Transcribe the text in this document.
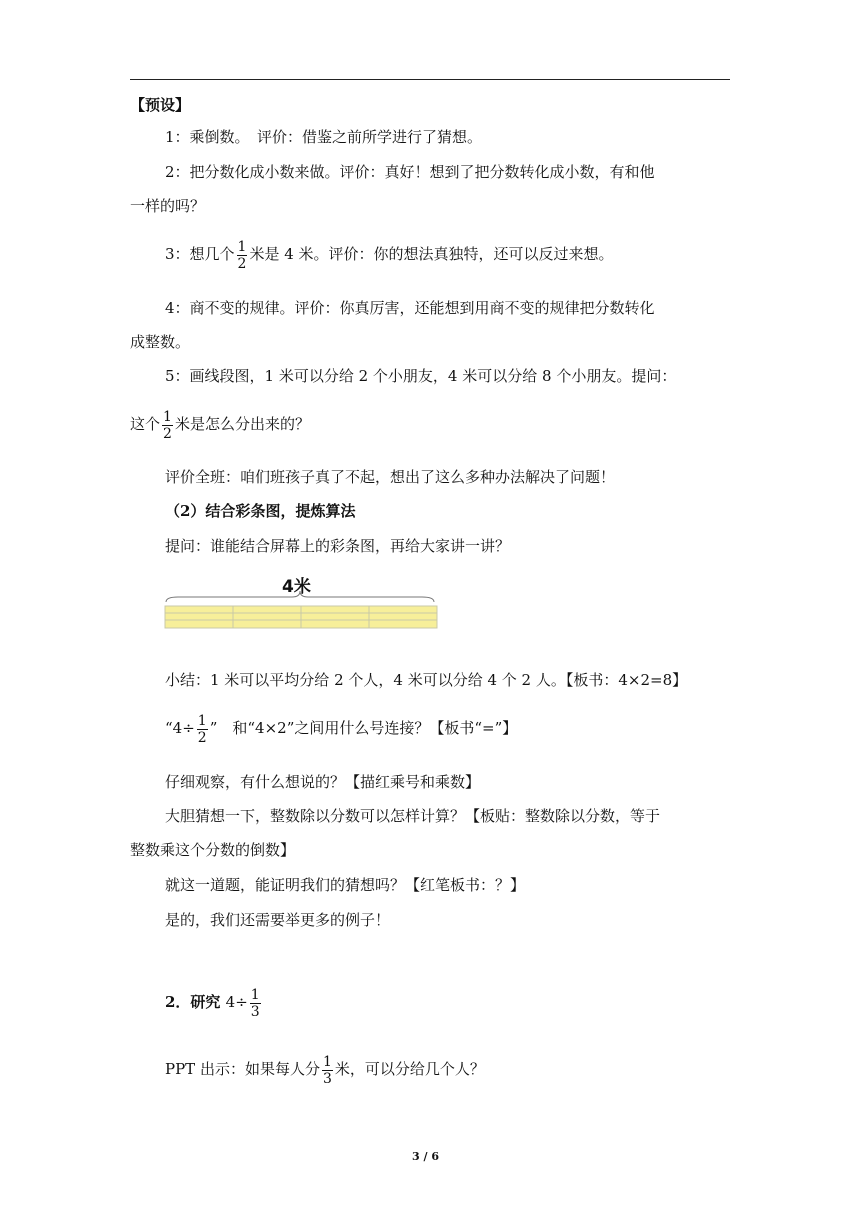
【预设】
1：乘倒数。　评价：借鉴之前所学进行了猜想。
2：把分数化成小数来做。评价：真好！想到了把分数转化成小数，有和他
一样的吗？
3：想几个 $\frac{1}{2}$ 米是 4 米。评价：你的想法真独特，还可以反过来想。
4：商不变的规律。评价：你真厉害，还能想到用商不变的规律把分数转化
成整数。
5：画线段图，1 米可以分给 2 个小朋友，4 米可以分给 8 个小朋友。提问：
这个 $\frac{1}{2}$ 米是怎么分出来的？
评价全班：咱们班孩子真了不起，想出了这么多种办法解决了问题！
（2）结合彩条图，提炼算法
提问：谁能结合屏幕上的彩条图，再给大家讲一讲？
4米
小结：1 米可以平均分给 2 个人，4 米可以分给 4 个 2 人。【板书：4×2=8】
“$4\div \frac{1}{2}$ ”　和“4×2”之间用什么号连接？【板书“=”】
仔细观察，有什么想说的？【描红乘号和乘数】
大胆猜想一下，整数除以分数可以怎样计算？【板贴：整数除以分数，等于
整数乘这个分数的倒数】
就这一道题，能证明我们的猜想吗？【红笔板书：？】
是的，我们还需要举更多的例子！
2．研究 $4\div \frac{1}{3}$
PPT 出示：如果每人分 $\frac{1}{3}$ 米，可以分给几个人？
3 / 6
